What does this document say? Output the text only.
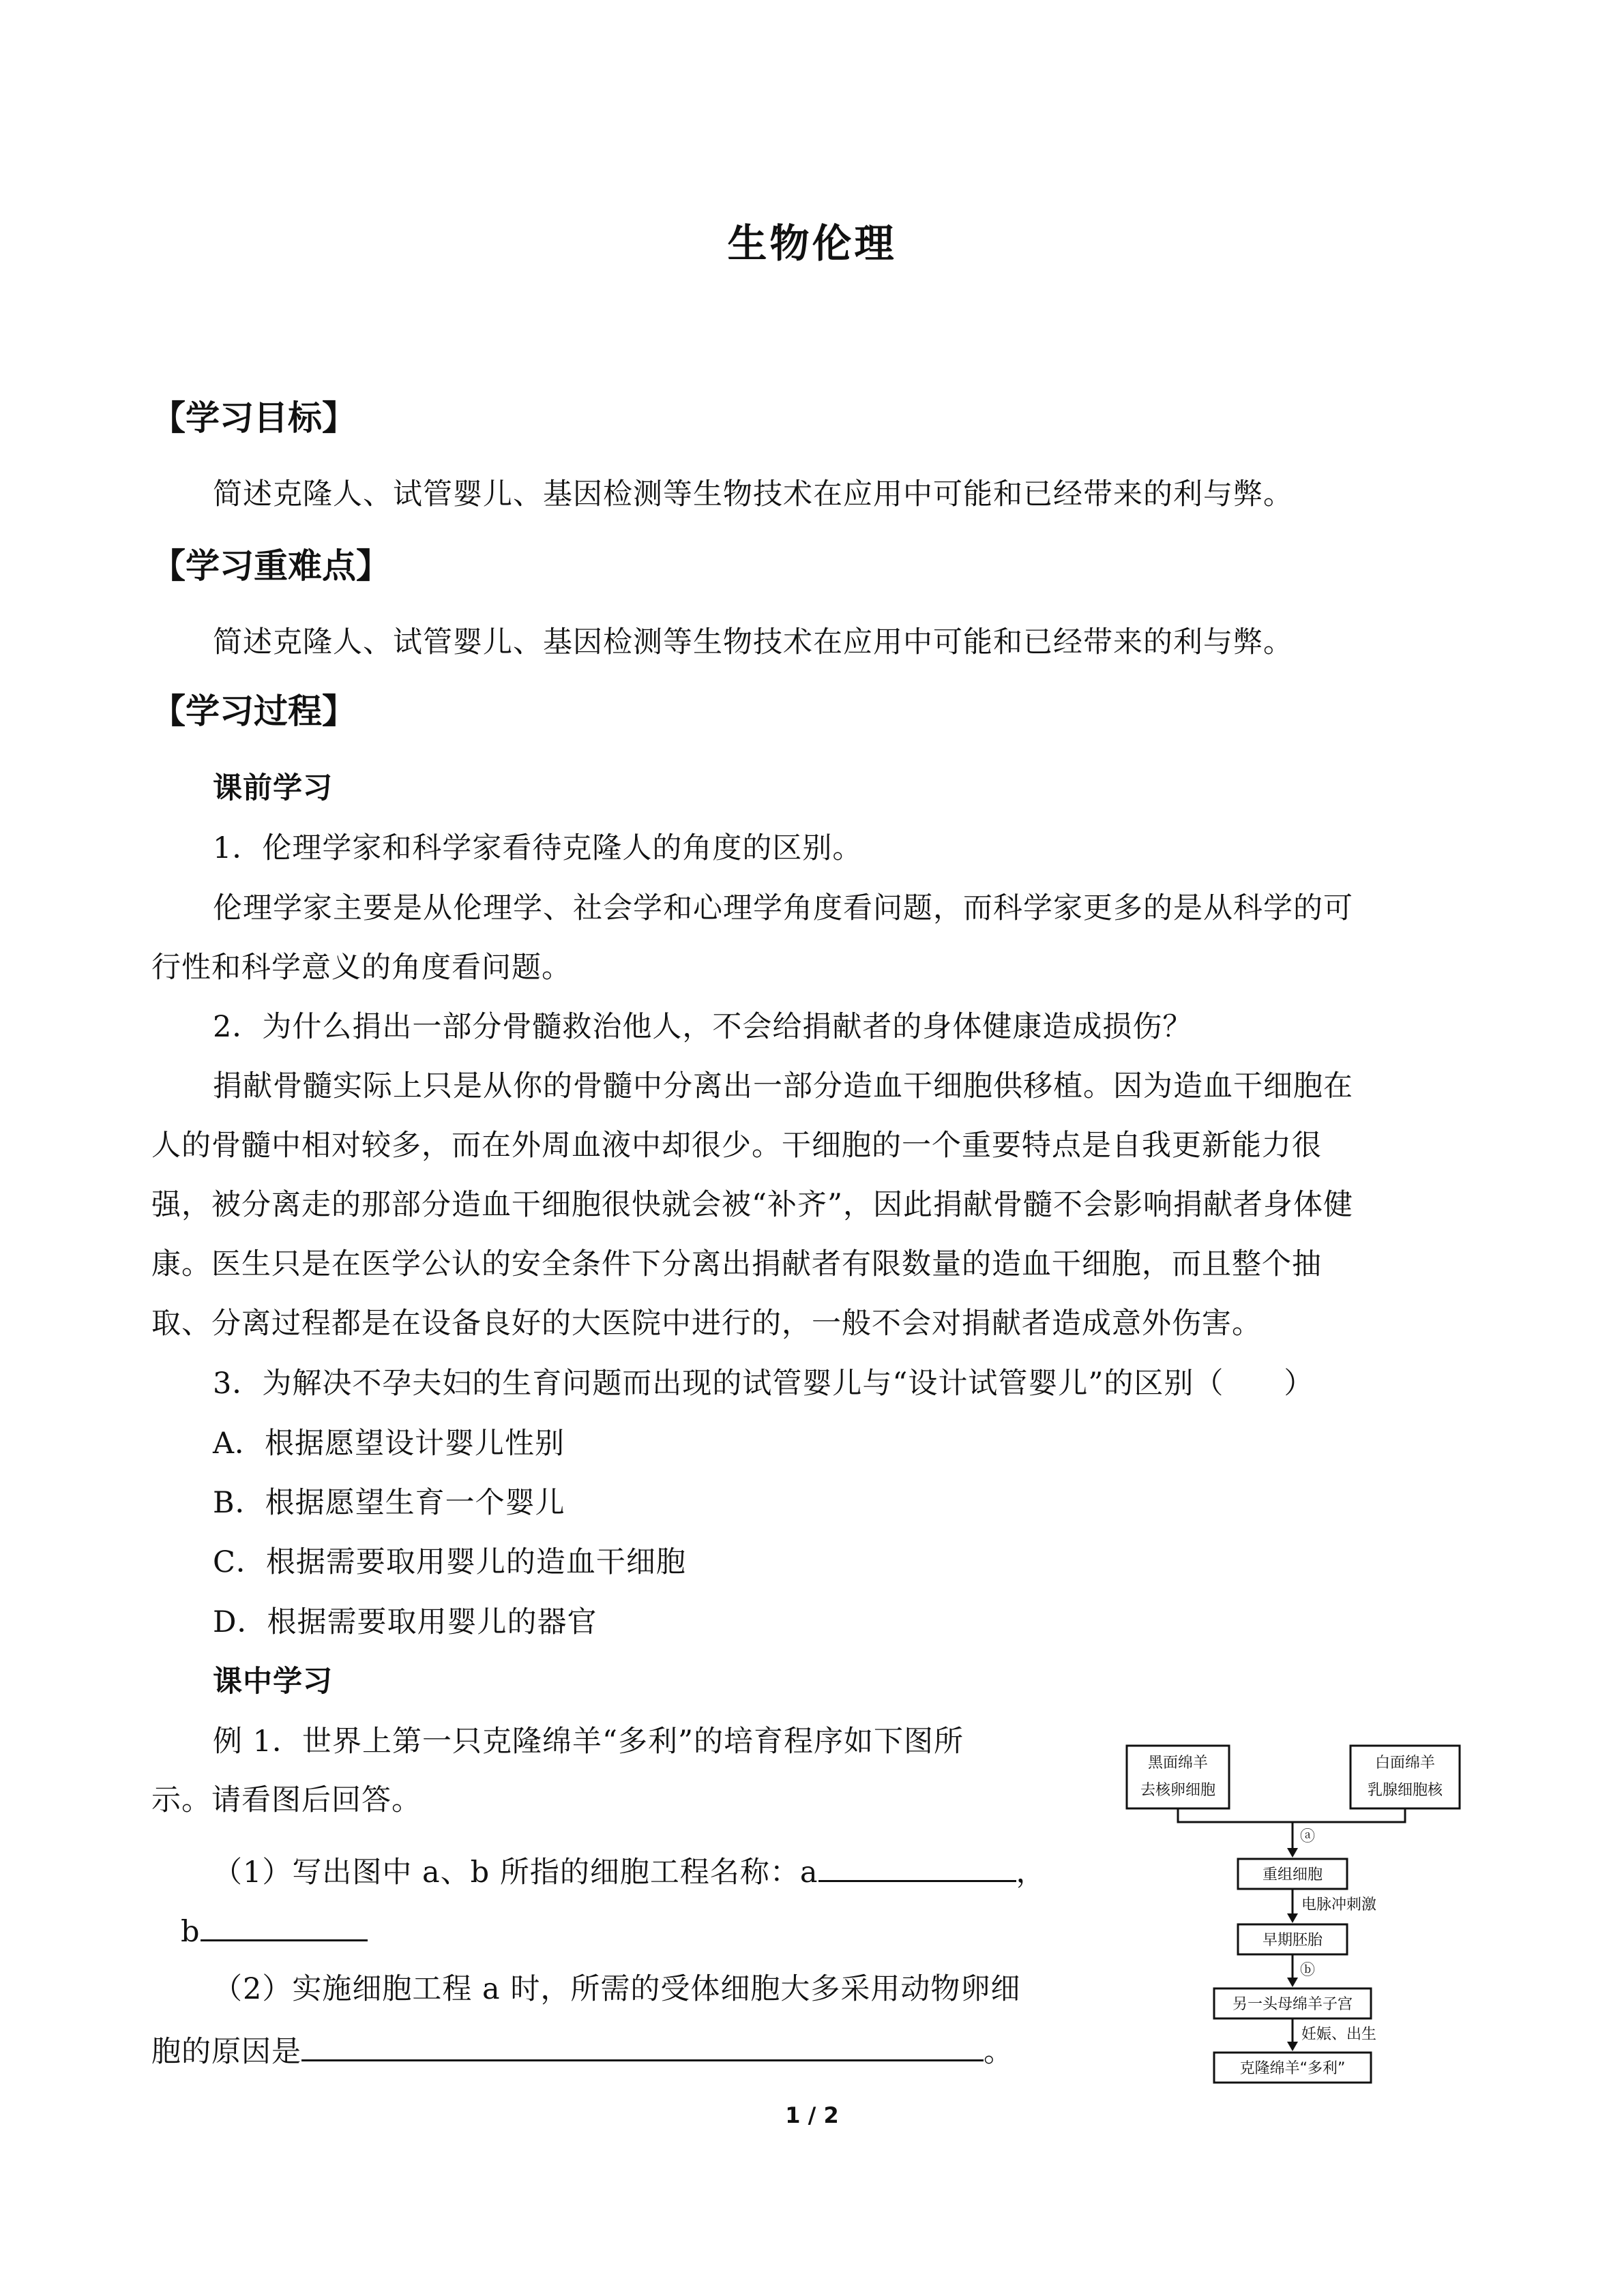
生物伦理
【学习目标】
简述克隆人、试管婴儿、基因检测等生物技术在应用中可能和已经带来的利与弊。
【学习重难点】
简述克隆人、试管婴儿、基因检测等生物技术在应用中可能和已经带来的利与弊。
【学习过程】
课前学习
1．伦理学家和科学家看待克隆人的角度的区别。
伦理学家主要是从伦理学、社会学和心理学角度看问题，而科学家更多的是从科学的可
行性和科学意义的角度看问题。
2．为什么捐出一部分骨髓救治他人，不会给捐献者的身体健康造成损伤？
捐献骨髓实际上只是从你的骨髓中分离出一部分造血干细胞供移植。因为造血干细胞在
人的骨髓中相对较多，而在外周血液中却很少。干细胞的一个重要特点是自我更新能力很
强，被分离走的那部分造血干细胞很快就会被“补齐”，因此捐献骨髓不会影响捐献者身体健
康。医生只是在医学公认的安全条件下分离出捐献者有限数量的造血干细胞，而且整个抽
取、分离过程都是在设备良好的大医院中进行的，一般不会对捐献者造成意外伤害。
3．为解决不孕夫妇的生育问题而出现的试管婴儿与“设计试管婴儿”的区别（　　）
A．根据愿望设计婴儿性别
B．根据愿望生育一个婴儿
C．根据需要取用婴儿的造血干细胞
D．根据需要取用婴儿的器官
课中学习
例 1．世界上第一只克隆绵羊“多利”的培育程序如下图所
示。请看图后回答。
（1）写出图中 a、b 所指的细胞工程名称：a	，
b
（2）实施细胞工程 a 时，所需的受体细胞大多采用动物卵细
胞的原因是	。
黑面绵羊
去核卵细胞
白面绵羊
乳腺细胞核
ⓐ
重组细胞
电脉冲刺激
早期胚胎
ⓑ
另一头母绵羊子宫
妊娠、出生
克隆绵羊“多利”
1 / 2
